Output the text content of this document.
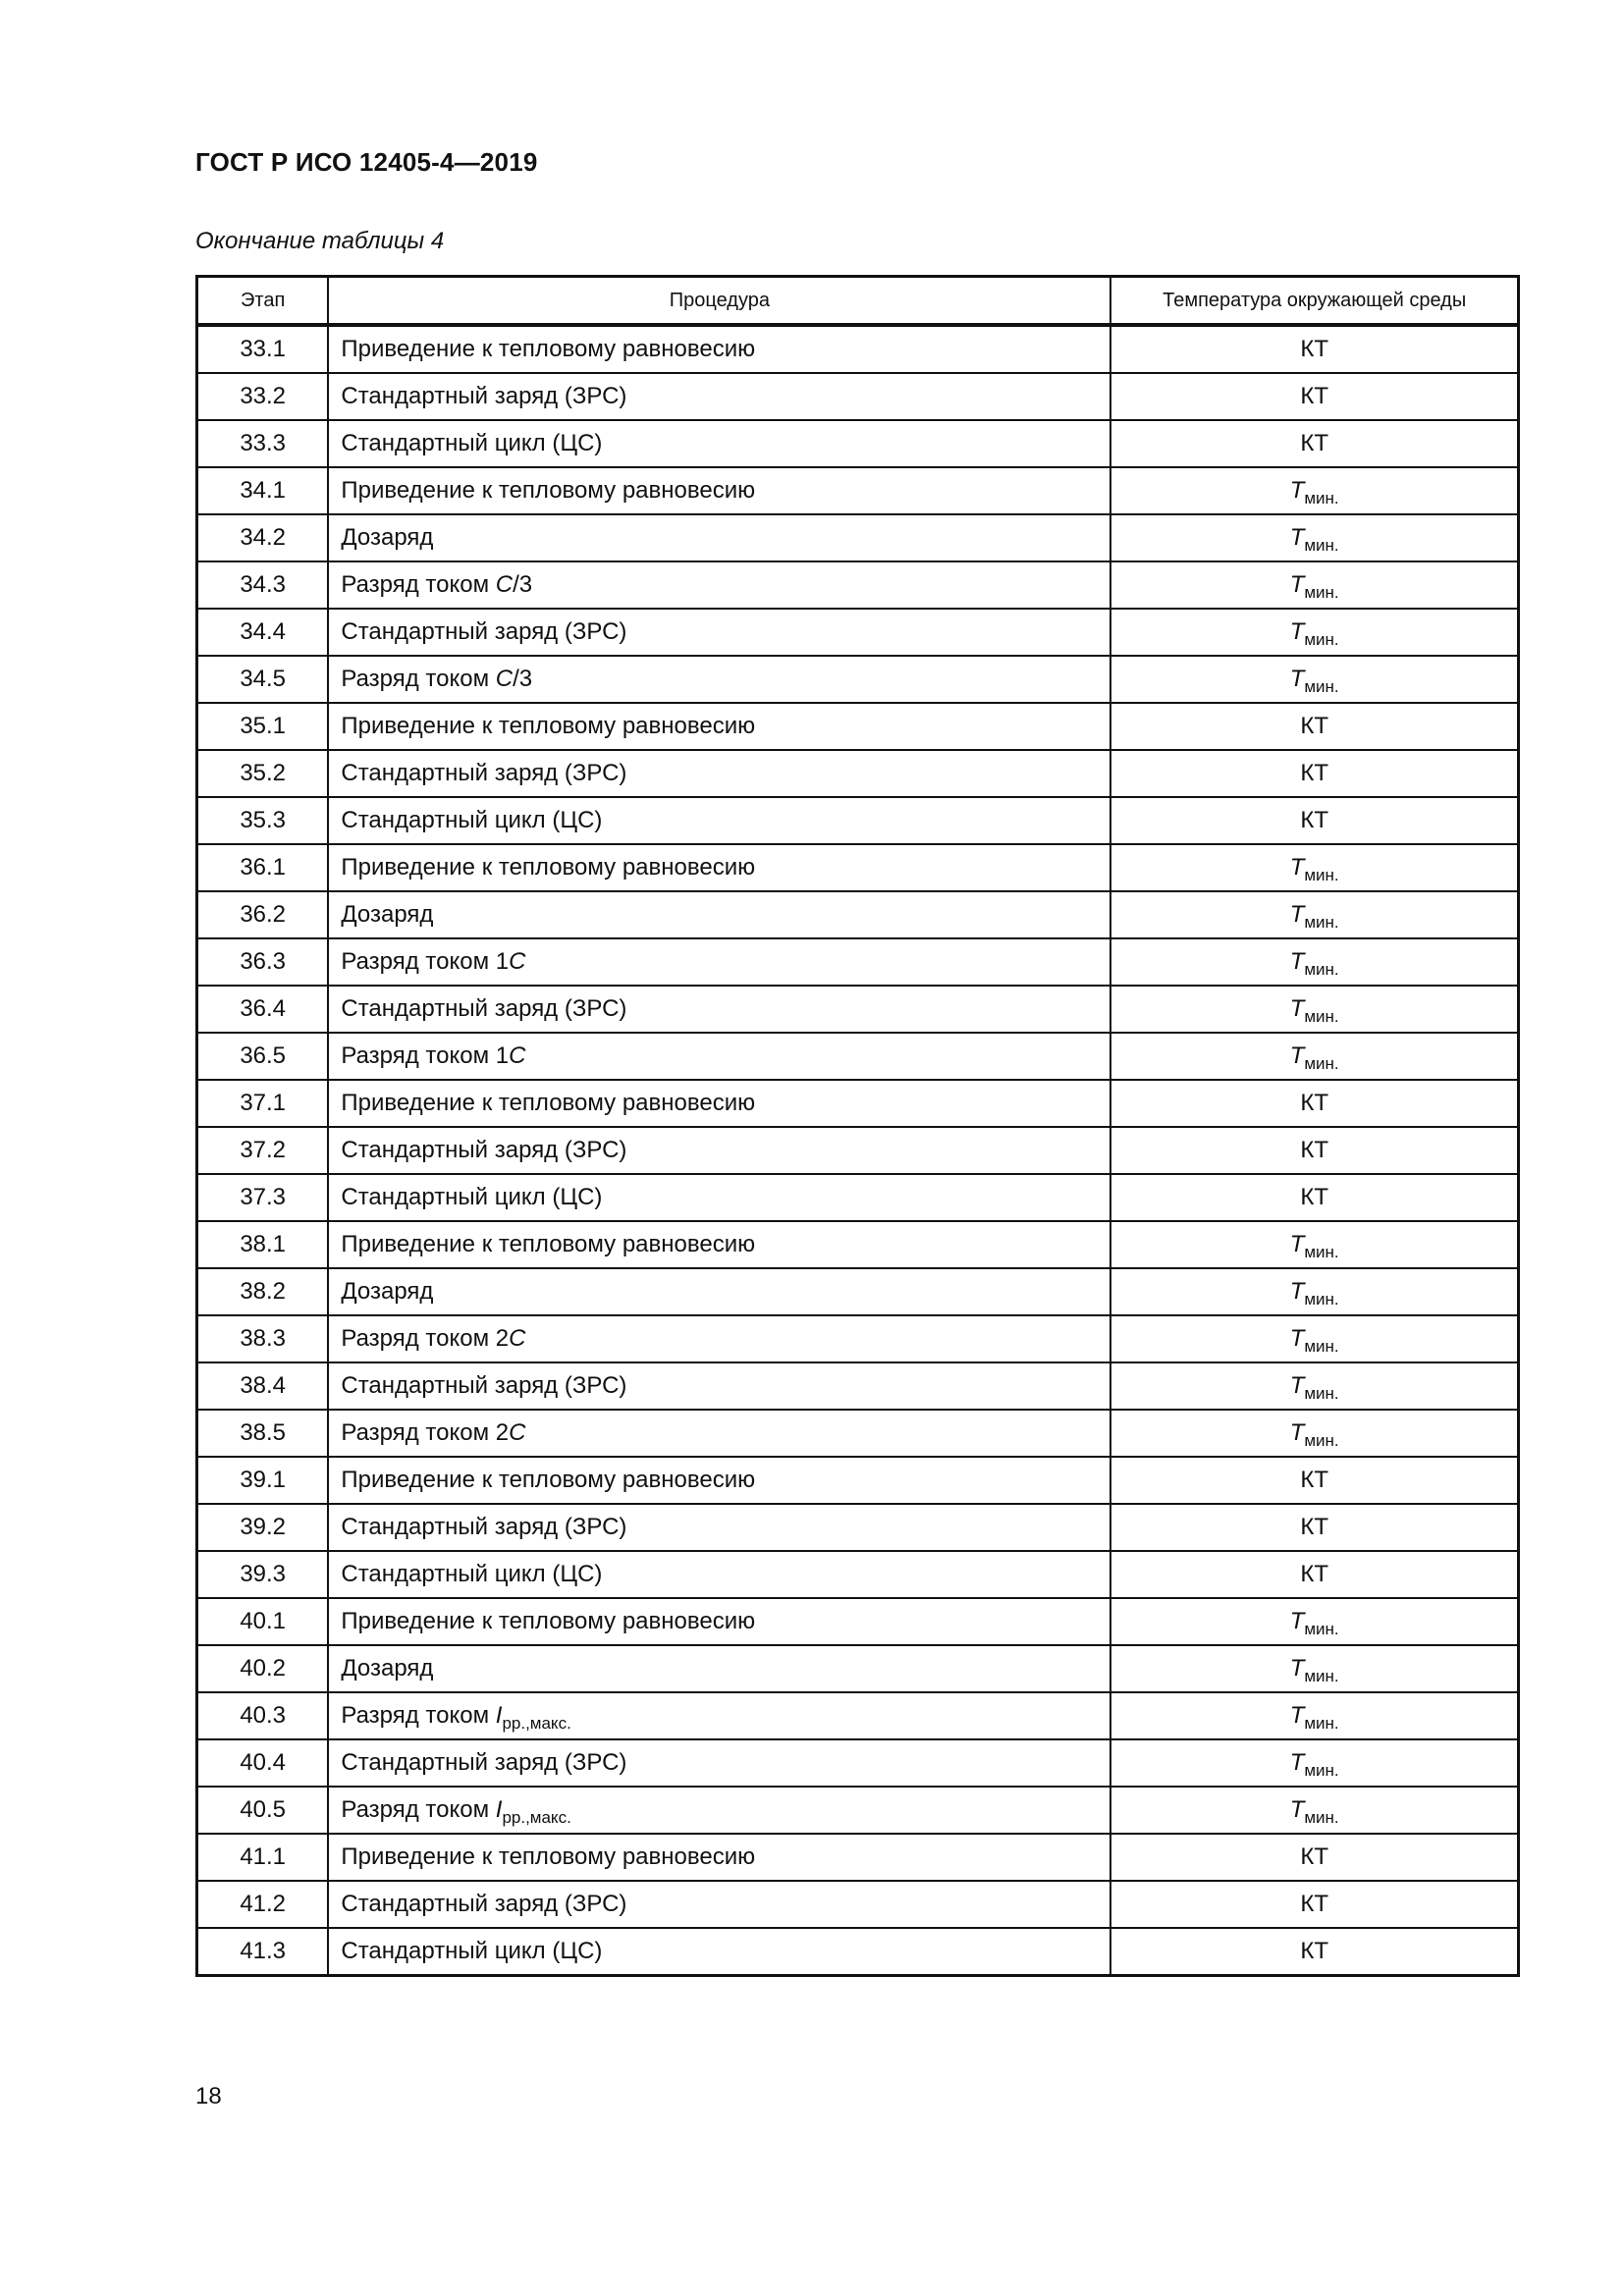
ГОСТ Р ИСО 12405-4—2019
Окончание таблицы 4
Этап	Процедура	Температура окружающей среды
33.1	Приведение к тепловому равновесию	КТ
33.2	Стандартный заряд (ЗРС)	КТ
33.3	Стандартный цикл (ЦС)	КТ
34.1	Приведение к тепловому равновесию	$T_{мин.}$
34.2	Дозаряд	$T_{мин.}$
34.3	Разряд током C/3	$T_{мин.}$
34.4	Стандартный заряд (ЗРС)	$T_{мин.}$
34.5	Разряд током C/3	$T_{мин.}$
35.1	Приведение к тепловому равновесию	КТ
35.2	Стандартный заряд (ЗРС)	КТ
35.3	Стандартный цикл (ЦС)	КТ
36.1	Приведение к тепловому равновесию	$T_{мин.}$
36.2	Дозаряд	$T_{мин.}$
36.3	Разряд током 1C	$T_{мин.}$
36.4	Стандартный заряд (ЗРС)	$T_{мин.}$
36.5	Разряд током 1C	$T_{мин.}$
37.1	Приведение к тепловому равновесию	КТ
37.2	Стандартный заряд (ЗРС)	КТ
37.3	Стандартный цикл (ЦС)	КТ
38.1	Приведение к тепловому равновесию	$T_{мин.}$
38.2	Дозаряд	$T_{мин.}$
38.3	Разряд током 2C	$T_{мин.}$
38.4	Стандартный заряд (ЗРС)	$T_{мин.}$
38.5	Разряд током 2C	$T_{мин.}$
39.1	Приведение к тепловому равновесию	КТ
39.2	Стандартный заряд (ЗРС)	КТ
39.3	Стандартный цикл (ЦС)	КТ
40.1	Приведение к тепловому равновесию	$T_{мин.}$
40.2	Дозаряд	$T_{мин.}$
40.3	Разряд током $I_{рр.,макс.}$	$T_{мин.}$
40.4	Стандартный заряд (ЗРС)	$T_{мин.}$
40.5	Разряд током $I_{рр.,макс.}$	$T_{мин.}$
41.1	Приведение к тепловому равновесию	КТ
41.2	Стандартный заряд (ЗРС)	КТ
41.3	Стандартный цикл (ЦС)	КТ
18
